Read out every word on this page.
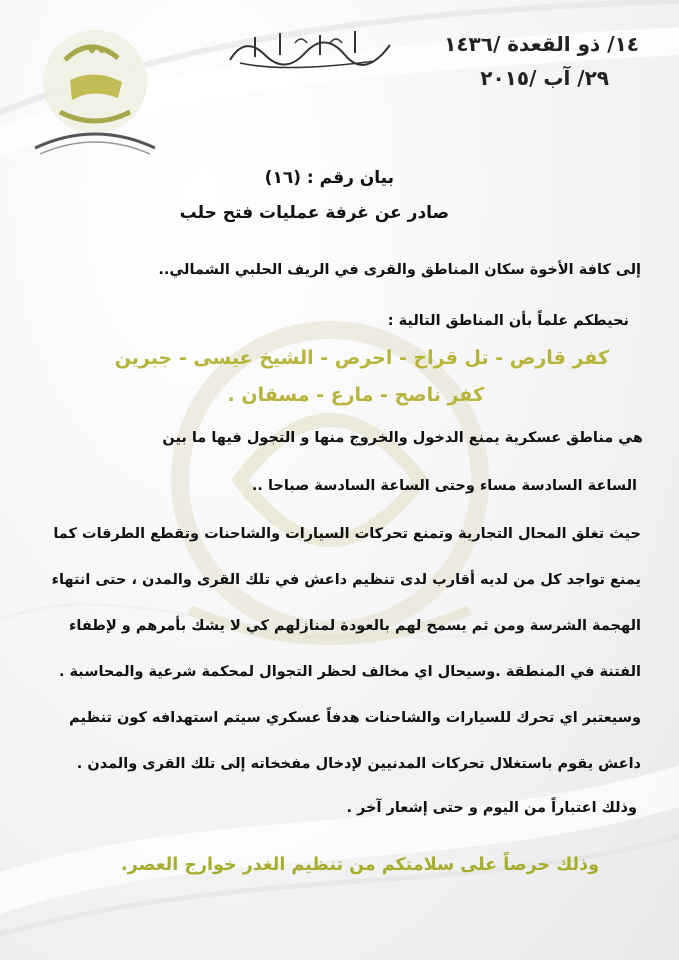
١٤/ ذو القعدة /١٤٣٦
٢٩/ آب /٢٠١٥
بيان رقم : (١٦)
صادر عن غرفة عمليات فتح حلب
إلى كافة الأخوة سكان المناطق والقرى في الريف الحلبي الشمالي..
نحيطكم علماً بأن المناطق التالية :
كفر قارص - تل قراح - احرص - الشيخ عيسى - جبرين
كفر ناصح - مارع - مسقان .
هي مناطق عسكرية يمنع الدخول والخروج منها و التجول فيها ما بين
الساعة السادسة مساء وحتى الساعة السادسة صباحا ..
حيث تغلق المحال التجارية وتمنع تحركات السيارات والشاحنات وتقطع الطرقات كما
يمنع تواجد كل من لديه أقارب لدى تنظيم داعش في تلك القرى والمدن ، حتى انتهاء
الهجمة الشرسة ومن ثم يسمح لهم بالعودة لمنازلهم كي لا يشك بأمرهم و لإطفاء
الفتنة في المنطقة .وسيحال اي مخالف لحظر التجوال لمحكمة شرعية والمحاسبة .
وسيعتبر اي تحرك للسيارات والشاحنات هدفاً عسكري سيتم استهدافه كون تنظيم
داعش يقوم باستغلال تحركات المدنيين لإدخال مفخخاته إلى تلك القرى والمدن .
وذلك اعتباراً من اليوم و حتى إشعار آخر .
وذلك حرصاً على سلامتكم من تنظيم الغدر خوارج العصر.
